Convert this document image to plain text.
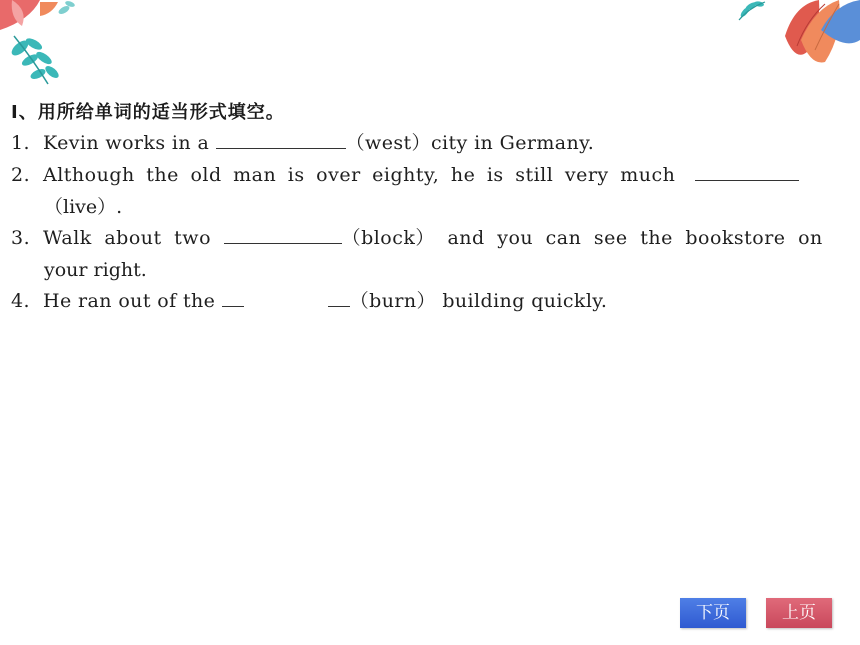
Ⅰ、用所给单词的适当形式填空。
1. Kevin works in a	（west）city in Germany.
2. Although the old man is over eighty, he is still very much
（live）.
3. Walk about two	（block） and you can see the bookstore on
your right.
4. He ran out of the	（burn） building quickly.
下页	上页
